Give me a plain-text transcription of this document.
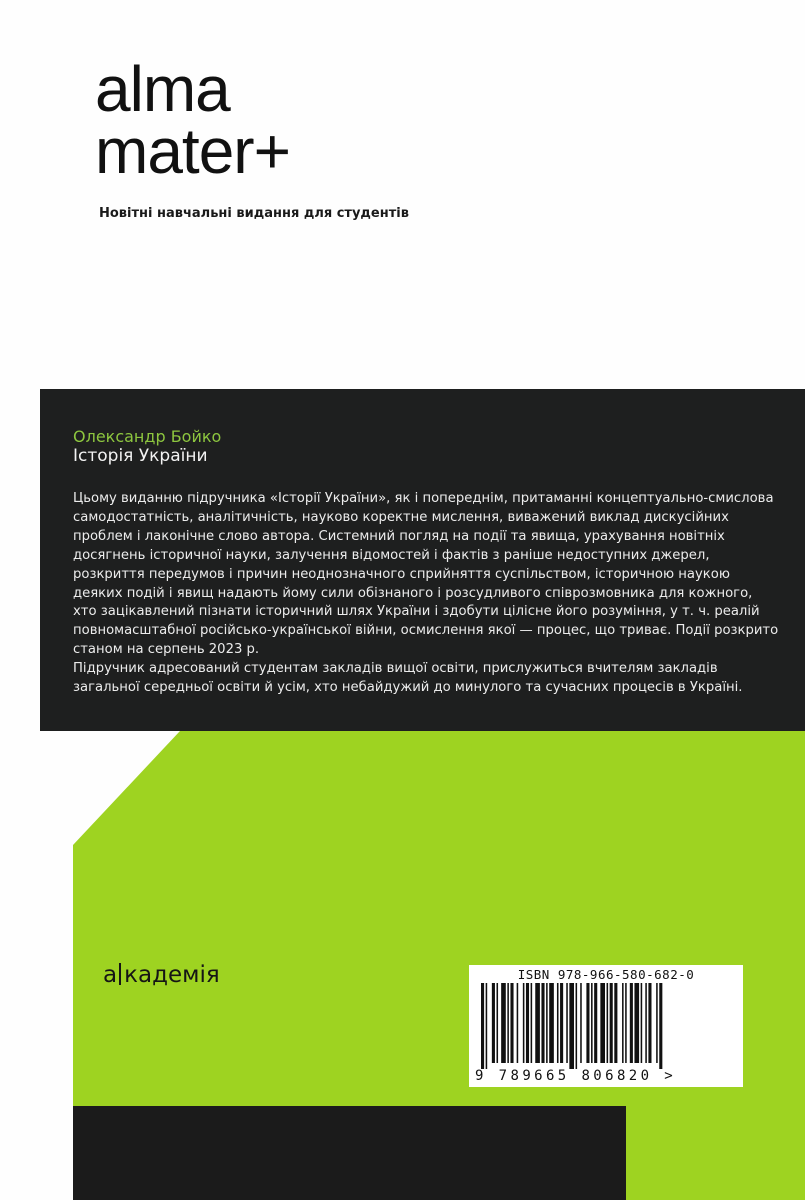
alma
mater+
Новітні навчальні видання для студентів
Олександр Бойко
Історія України

Цьому виданню підручника «Історії України», як і попереднім, притаманні концептуально-смислова самодостатність, аналітичність, науково коректне мислення, виважений виклад дискусійних проблем і лаконічне слово автора. Системний погляд на події та явища, урахування новітніх досягнень історичної науки, залучення відомостей і фактів з раніше недоступних джерел, розкриття передумов і причин неоднозначного сприйняття суспільством, історичною наукою деяких подій і явищ надають йому сили обізнаного і розсудливого співрозмовника для кожного, хто зацікавлений пізнати історичний шлях України і здобути цілісне його розуміння, у т. ч. реалій повномасштабної російсько-української війни, осмислення якої — процес, що триває. Події розкрито станом на серпень 2023 р.

Підручник адресований студентам закладів вищої освіти, прислужиться вчителям закладів загальної середньої освіти й усім, хто небайдужий до минулого та сучасних процесів в Україні.

а кадемія	ISBN 978-966-580-682-0
9 789665 806820 >
